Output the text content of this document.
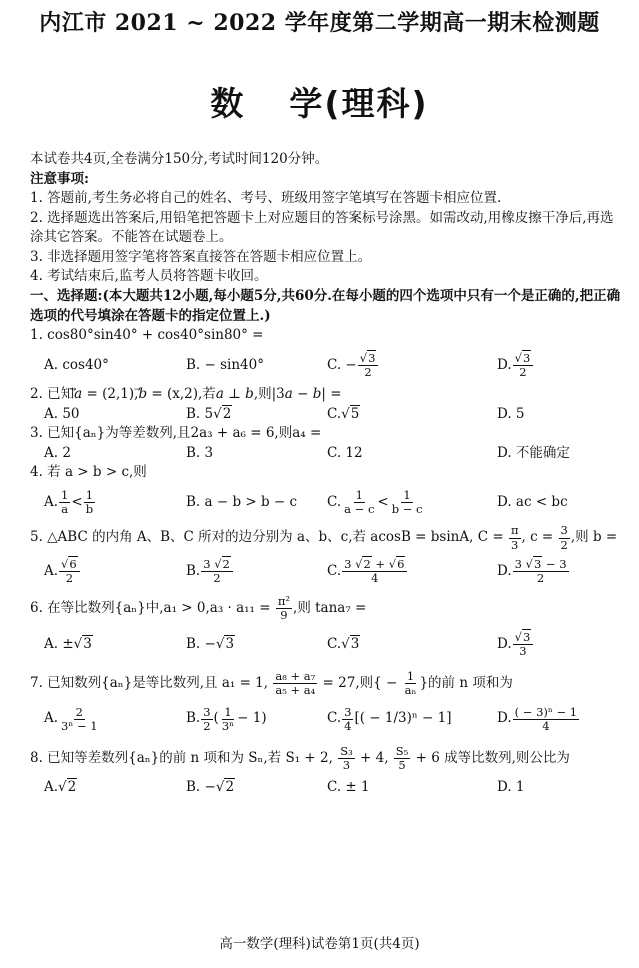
内江市 2021 ~ 2022 学年度第二学期高一期末检测题
数 学(理科)
本试卷共4页,全卷满分150分,考试时间120分钟。
注意事项:
1. 答题前,考生务必将自己的姓名、考号、班级用签字笔填写在答题卡相应位置.
2. 选择题选出答案后,用铅笔把答题卡上对应题目的答案标号涂黑。如需改动,用橡皮擦干净后,再选涂其它答案。不能答在试题卷上。
3. 非选择题用签字笔将答案直接答在答题卡相应位置上。
4. 考试结束后,监考人员将答题卡收回。
一、选择题:(本大题共12小题,每小题5分,共60分.在每小题的四个选项中只有一个是正确的,把正确选项的代号填涂在答题卡的指定位置上.)
1. cos80°sin40° + cos40°sin80° =
A. cos40°	B. − sin40°	C. − $\frac{√3}{2}$	D. $\frac{√3}{2}$
2. 已知a = (2,1),b = (x,2),若a ⊥ b,则|3a − b| =
A. 50	B. 5 √ 2	C. √ 5	D. 5
3. 已知{aₙ}为等差数列,且2a₃ + a₆ = 6,则a₄ =
A. 2	B. 3	C. 12	D. 不能确定
4. 若 a > b > c,则
A. $\frac{1}{a} < \frac{1}{b}$	B. a − b > b − c	C. $\frac{1}{a - c} < \frac{1}{b - c}$	D. ac < bc
5. △ABC 的内角 A、B、C 所对的边分别为 a、b、c,若 acosB = bsinA, $C = \frac{\pi}{3}$ , $c = \frac{3}{2}$ ,则 b =
A. $\frac{√6}{2}$	B. $\frac{3 √2}{2}$	C. $\frac{3 √2 + √6}{4}$	D. $\frac{3 √3 - 3}{2}$
6. 在等比数列{aₙ}中$,a_1 > 0,a_3 \cdot a_{11} = \frac{\text{π²}}{9}$ ,则 tana₇ =
A. ± √ 3	B. − √ 3	C. √ 3	D. $\frac{√3}{3}$
7. 已知数列{aₙ}是等比数列,且 a₁ = 1, $\frac{\text{a₈ + a₇}}{\text{a₅ + a₄}} = 27$,则{ − $\frac{1}{\text{aₙ}}$ }的前 n 项和为
A. $\frac{2}{\text{3ⁿ − 1}}$	B. $\frac{3}{2}$ ( $\frac{1}{\text{3ⁿ}} - 1$)	C. $\frac{3}{4}$ [( − 1/3)ⁿ − 1]	D. $\frac{\text{( − 3)ⁿ − 1}}{4}$
8. 已知等差数列{aₙ}的前 n 项和为 Sₙ,若 S₁ + 2, $\frac{\text{S₃}}{3} + 4$, $\frac{\text{S₅}}{5} + 6$ 成等比数列,则公比为
A. √ 2	B. − √ 2	C. ± 1	D. 1
高一数学(理科)试卷第1页(共4页)
